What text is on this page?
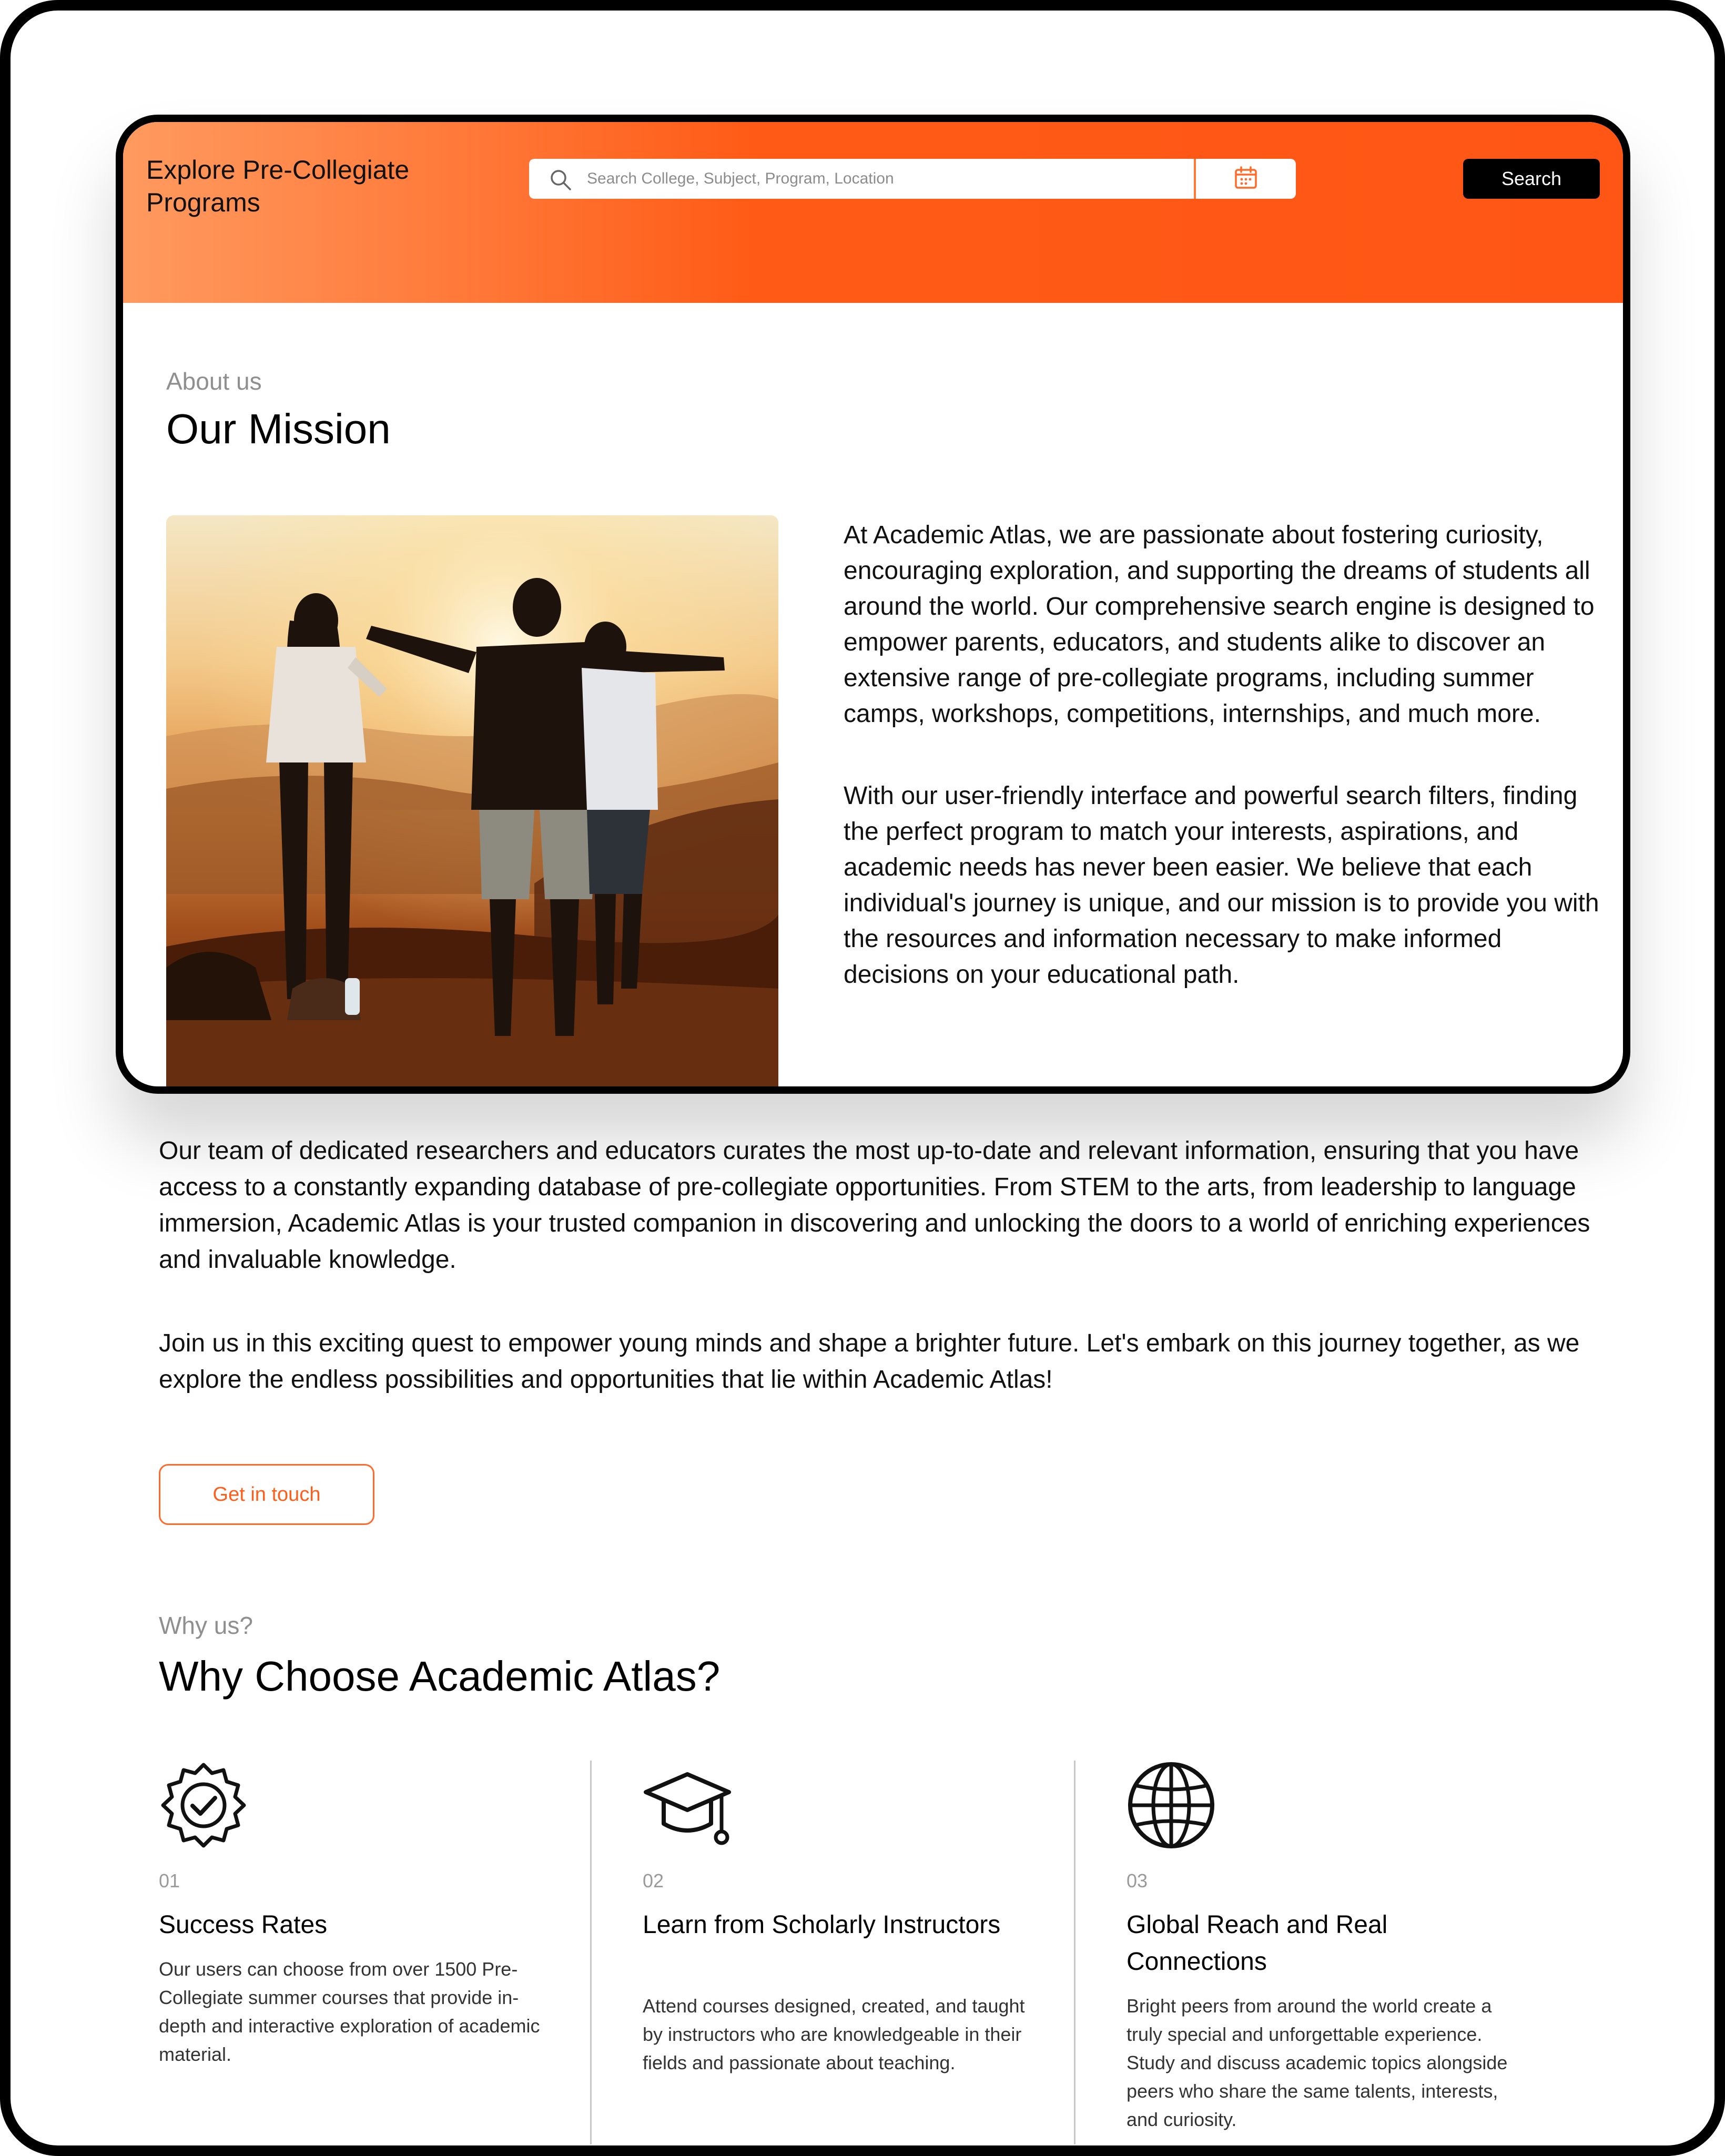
Explore Pre-Collegiate Programs
Search College, Subject, Program, Location
Search
About us
Our Mission

At Academic Atlas, we are passionate about fostering curiosity, encouraging exploration, and supporting the dreams of students all around the world. Our comprehensive search engine is designed to empower parents, educators, and students alike to discover an extensive range of pre-collegiate programs, including summer camps, workshops, competitions, internships, and much more.

With our user-friendly interface and powerful search filters, finding the perfect program to match your interests, aspirations, and academic needs has never been easier. We believe that each individual's journey is unique, and our mission is to provide you with the resources and information necessary to make informed decisions on your educational path.

Our team of dedicated researchers and educators curates the most up-to-date and relevant information, ensuring that you have access to a constantly expanding database of pre-collegiate opportunities. From STEM to the arts, from leadership to language immersion, Academic Atlas is your trusted companion in discovering and unlocking the doors to a world of enriching experiences and invaluable knowledge.

Join us in this exciting quest to empower young minds and shape a brighter future. Let's embark on this journey together, as we explore the endless possibilities and opportunities that lie within Academic Atlas!

Get in touch
Why us?
Why Choose Academic Atlas?
01
Success Rates
Our users can choose from over 1500 Pre-Collegiate summer courses that provide in-depth and interactive exploration of academic material.
02
Learn from Scholarly Instructors
Attend courses designed, created, and taught by instructors who are knowledgeable in their fields and passionate about teaching.
03
Global Reach and Real Connections
Bright peers from around the world create a truly special and unforgettable experience. Study and discuss academic topics alongside peers who share the same talents, interests, and curiosity.
